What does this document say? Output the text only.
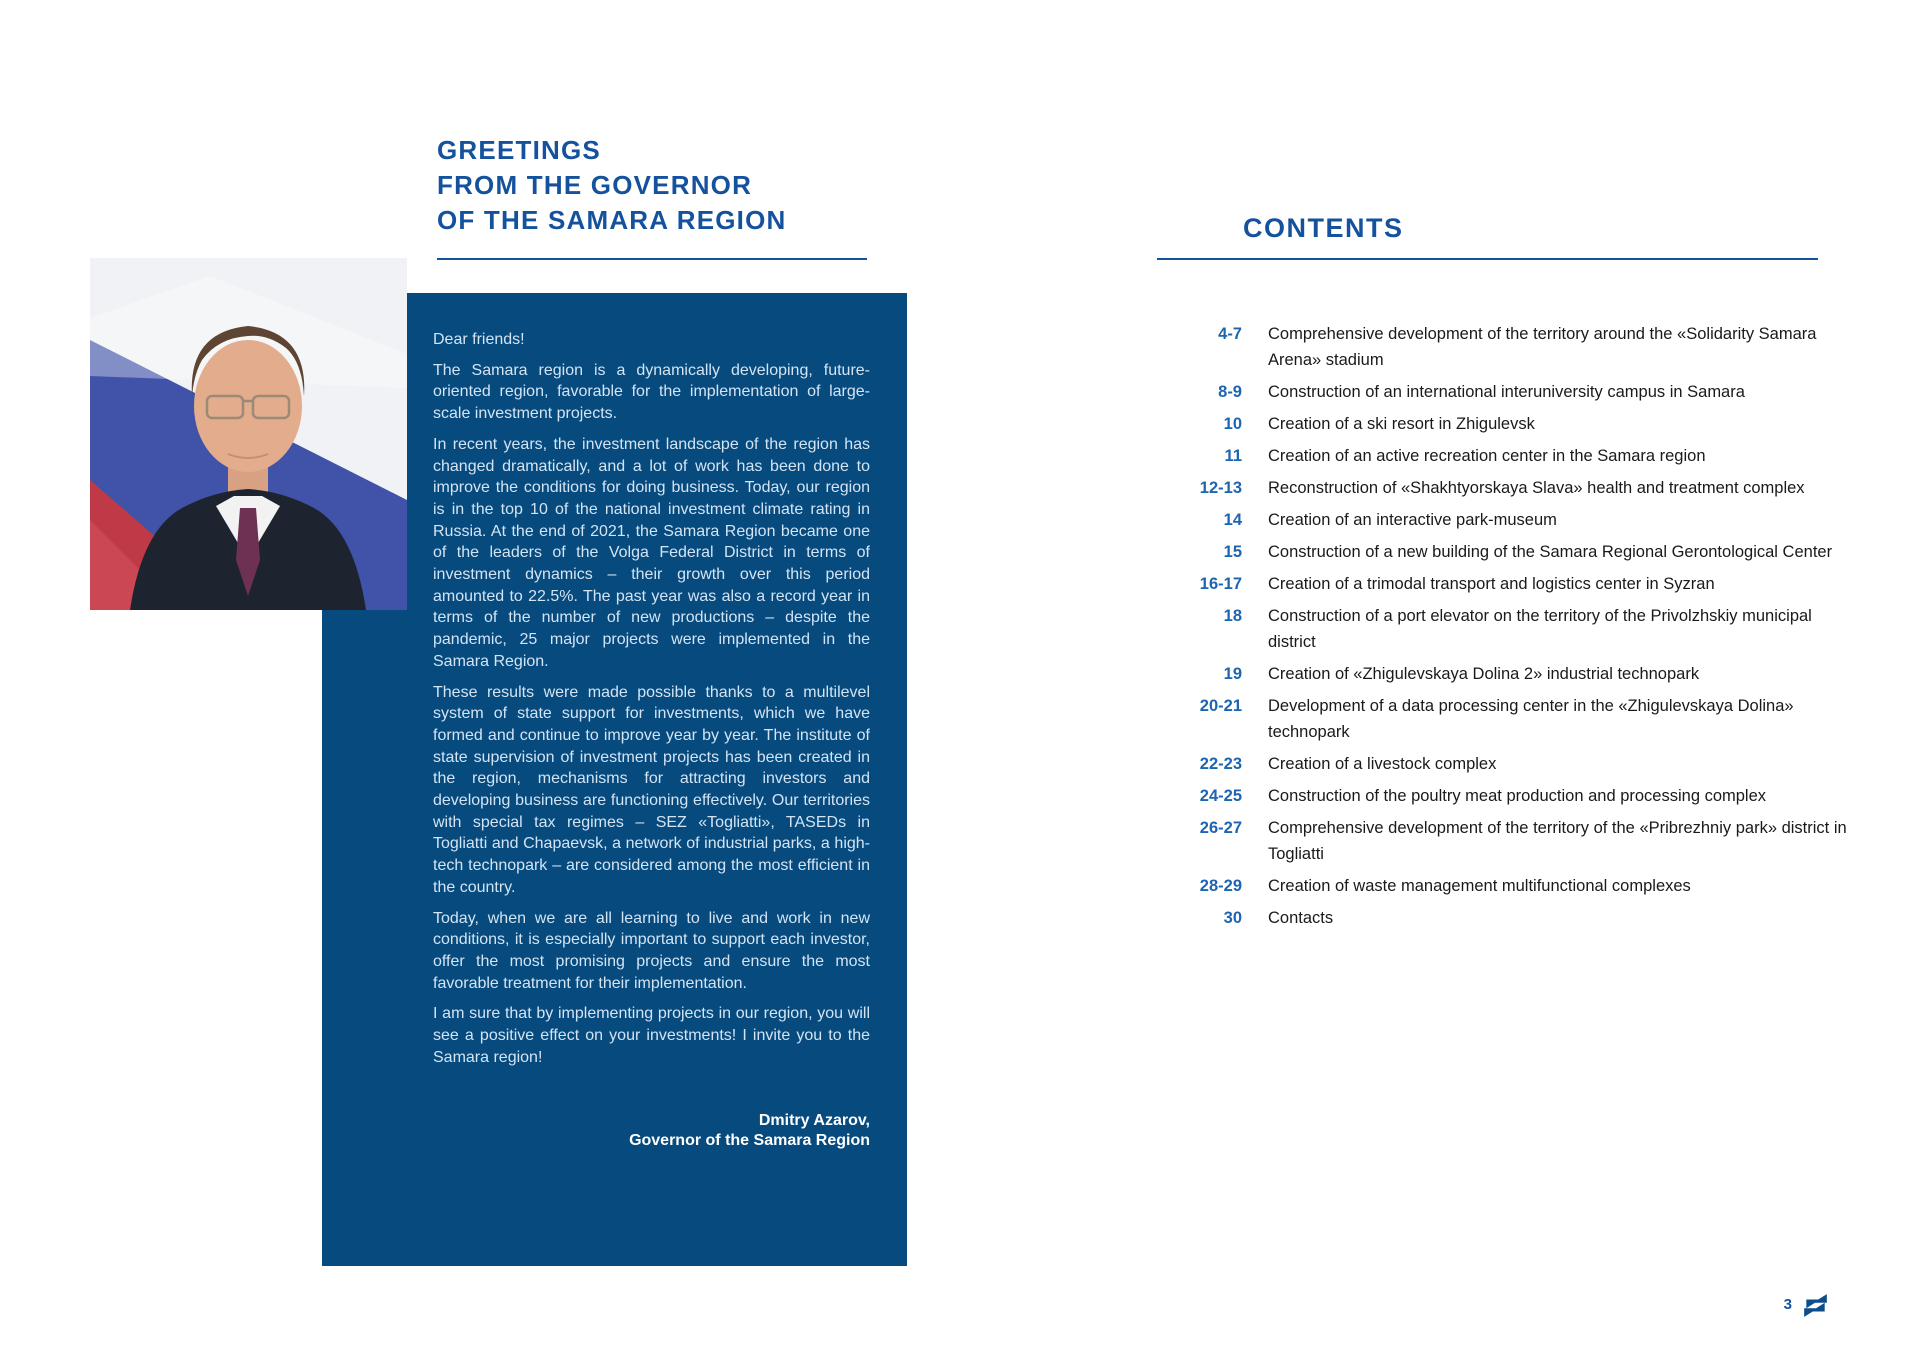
GREETINGS
FROM THE GOVERNOR
OF THE SAMARA REGION

Dear friends!

The Samara region is a dynamically developing, future-oriented region, favorable for the implementation of large-scale investment projects.

In recent years, the investment landscape of the region has changed dramatically, and a lot of work has been done to improve the conditions for doing business. Today, our region is in the top 10 of the national investment climate rating in Russia. At the end of 2021, the Samara Region became one of the leaders of the Volga Federal District in terms of investment dynamics – their growth over this period amounted to 22.5%. The past year was also a record year in terms of the number of new productions – despite the pandemic, 25 major projects were implemented in the Samara Region.

These results were made possible thanks to a multilevel system of state support for investments, which we have formed and continue to improve year by year. The institute of state supervision of investment projects has been created in the region, mechanisms for attracting investors and developing business are functioning effectively. Our territories with special tax regimes – SEZ «Togliatti», TASEDs in Togliatti and Chapaevsk, a network of industrial parks, a high-tech technopark – are considered among the most efficient in the country.

Today, when we are all learning to live and work in new conditions, it is especially important to support each investor, offer the most promising projects and ensure the most favorable treatment for their implementation.

I am sure that by implementing projects in our region, you will see a positive effect on your investments! I invite you to the Samara region!

Dmitry Azarov,
Governor of the Samara Region
CONTENTS
4-7 Comprehensive development of the territory around the «Solidarity Samara Arena» stadium
8-9 Construction of an international interuniversity campus in Samara
10 Creation of a ski resort in Zhigulevsk
11 Creation of an active recreation center in the Samara region
12-13 Reconstruction of «Shakhtyorskaya Slava» health and treatment complex
14 Creation of an interactive park-museum
15 Construction of a new building of the Samara Regional Gerontological Center
16-17 Creation of a trimodal transport and logistics center in Syzran
18 Construction of a port elevator on the territory of the Privolzhskiy municipal district
19 Creation of «Zhigulevskaya Dolina 2» industrial technopark
20-21 Development of a data processing center in the «Zhigulevskaya Dolina» technopark
22-23 Creation of a livestock complex
24-25 Construction of the poultry meat production and processing complex
26-27 Comprehensive development of the territory of the «Pribrezhniy park» district in Togliatti
28-29 Creation of waste management multifunctional complexes
30 Contacts
3
